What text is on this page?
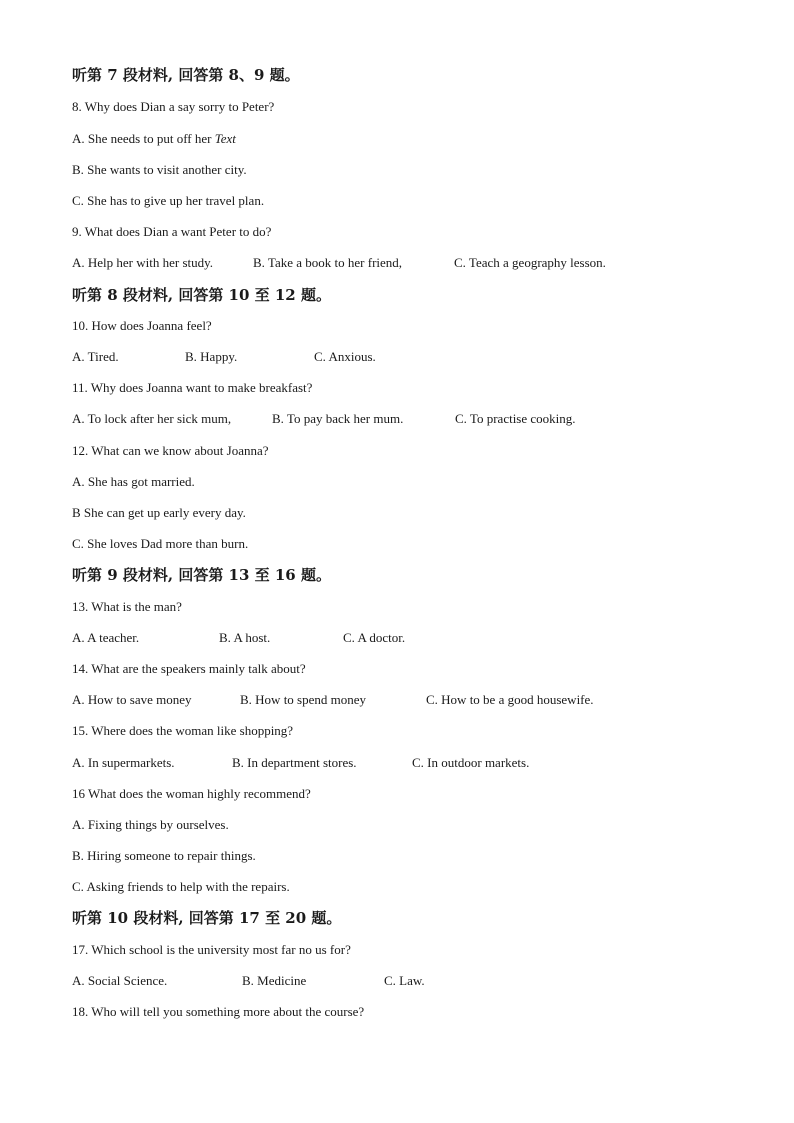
听第 7 段材料, 回答第 8、9 题。
8. Why does Dian a say sorry to Peter?
A. She needs to put off her Text
B. She wants to visit another city.
C. She has to give up her travel plan.
9. What does Dian a want Peter to do?
A. Help her with her study.	B. Take a book to her friend,	C. Teach a geography lesson.
听第 8 段材料, 回答第 10 至 12 题。
10. How does Joanna feel?
A. Tired.	B. Happy.	C. Anxious.
11. Why does Joanna want to make breakfast?
A. To lock after her sick mum,	B. To pay back her mum.	C. To practise cooking.
12. What can we know about Joanna?
A. She has got married.
B She can get up early every day.
C. She loves Dad more than burn.
听第 9 段材料, 回答第 13 至 16 题。
13. What is the man?
A. A teacher.	B. A host.	C. A doctor.
14. What are the speakers mainly talk about?
A. How to save money	B. How to spend money	C. How to be a good housewife.
15. Where does the woman like shopping?
A. In supermarkets.	B. In department stores.	C. In outdoor markets.
16 What does the woman highly recommend?
A. Fixing things by ourselves.
B. Hiring someone to repair things.
C. Asking friends to help with the repairs.
听第 10 段材料, 回答第 17 至 20 题。
17. Which school is the university most far no us for?
A. Social Science.	B. Medicine	C. Law.
18. Who will tell you something more about the course?
